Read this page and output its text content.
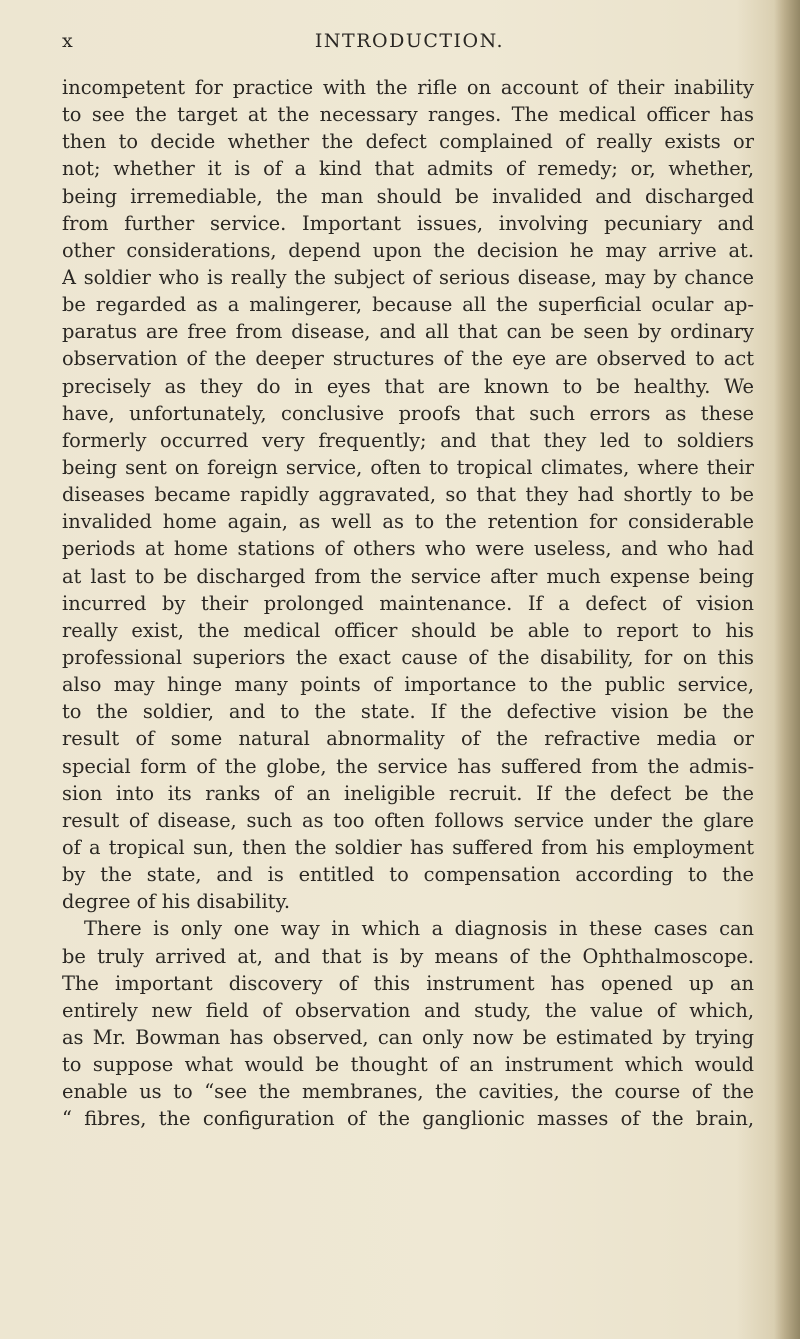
x	INTRODUCTION.
incompetent for practice with the rifle on account of their inability
to see the target at the necessary ranges. The medical officer has
then to decide whether the defect complained of really exists or
not; whether it is of a kind that admits of remedy; or, whether,
being irremediable, the man should be invalided and discharged
from further service. Important issues, involving pecuniary and
other considerations, depend upon the decision he may arrive at.
A soldier who is really the subject of serious disease, may by chance
be regarded as a malingerer, because all the superficial ocular ap-
paratus are free from disease, and all that can be seen by ordinary
observation of the deeper structures of the eye are observed to act
precisely as they do in eyes that are known to be healthy. We
have, unfortunately, conclusive proofs that such errors as these
formerly occurred very frequently; and that they led to soldiers
being sent on foreign service, often to tropical climates, where their
diseases became rapidly aggravated, so that they had shortly to be
invalided home again, as well as to the retention for considerable
periods at home stations of others who were useless, and who had
at last to be discharged from the service after much expense being
incurred by their prolonged maintenance. If a defect of vision
really exist, the medical officer should be able to report to his
professional superiors the exact cause of the disability, for on this
also may hinge many points of importance to the public service,
to the soldier, and to the state. If the defective vision be the
result of some natural abnormality of the refractive media or
special form of the globe, the service has suffered from the admis-
sion into its ranks of an ineligible recruit. If the defect be the
result of disease, such as too often follows service under the glare
of a tropical sun, then the soldier has suffered from his employment
by the state, and is entitled to compensation according to the
degree of his disability.
There is only one way in which a diagnosis in these cases can
be truly arrived at, and that is by means of the Ophthalmoscope.
The important discovery of this instrument has opened up an
entirely new field of observation and study, the value of which,
as Mr. Bowman has observed, can only now be estimated by trying
to suppose what would be thought of an instrument which would
enable us to “see the membranes, the cavities, the course of the
“ fibres, the configuration of the ganglionic masses of the brain,
